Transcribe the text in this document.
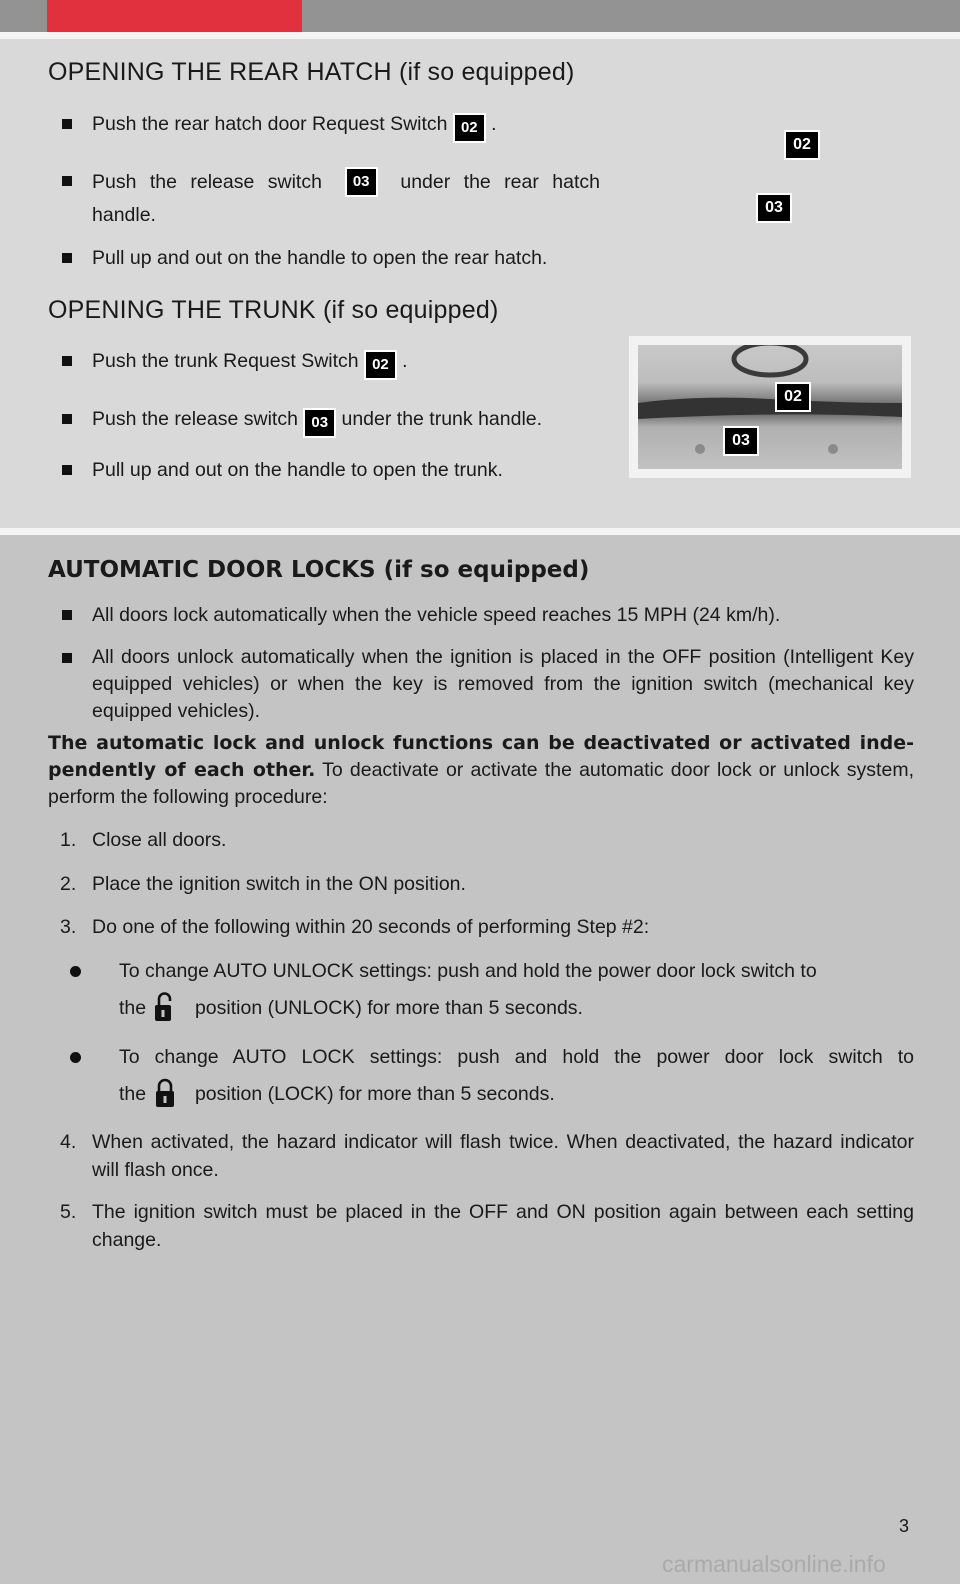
OPENING THE REAR HATCH (if so equipped)
Push the rear hatch door Request Switch 02 .
Push the release switch	03	under the rear hatch
handle.
Pull up and out on the handle to open the rear hatch.
02
03
OPENING THE TRUNK (if so equipped)
Push the trunk Request Switch 02 .
Push the release switch 03 under the trunk handle.
Pull up and out on the handle to open the trunk.
02
03
AUTOMATIC DOOR LOCKS (if so equipped)
All doors lock automatically when the vehicle speed reaches 15 MPH (24 km/h).
All doors unlock automatically when the ignition is placed in the OFF position (Intelligent Key equipped vehicles) or when the key is removed from the ignition switch (mechanical key equipped vehicles).

The automatic lock and unlock functions can be deactivated or activated independently of each other. To deactivate or activate the automatic door lock or unlock system, perform the following procedure:

1. Close all doors.
2. Place the ignition switch in the ON position.
3. Do one of the following within 20 seconds of performing Step #2:
To change AUTO UNLOCK settings: push and hold the power door lock switch to
the	position (UNLOCK) for more than 5 seconds.
To change AUTO LOCK settings: push and hold the power door lock switch to
the	position (LOCK) for more than 5 seconds.
4. When activated, the hazard indicator will flash twice. When deactivated, the hazard indicator will flash once.
5. The ignition switch must be placed in the OFF and ON position again between each setting change.
3
carmanualsonline.info
